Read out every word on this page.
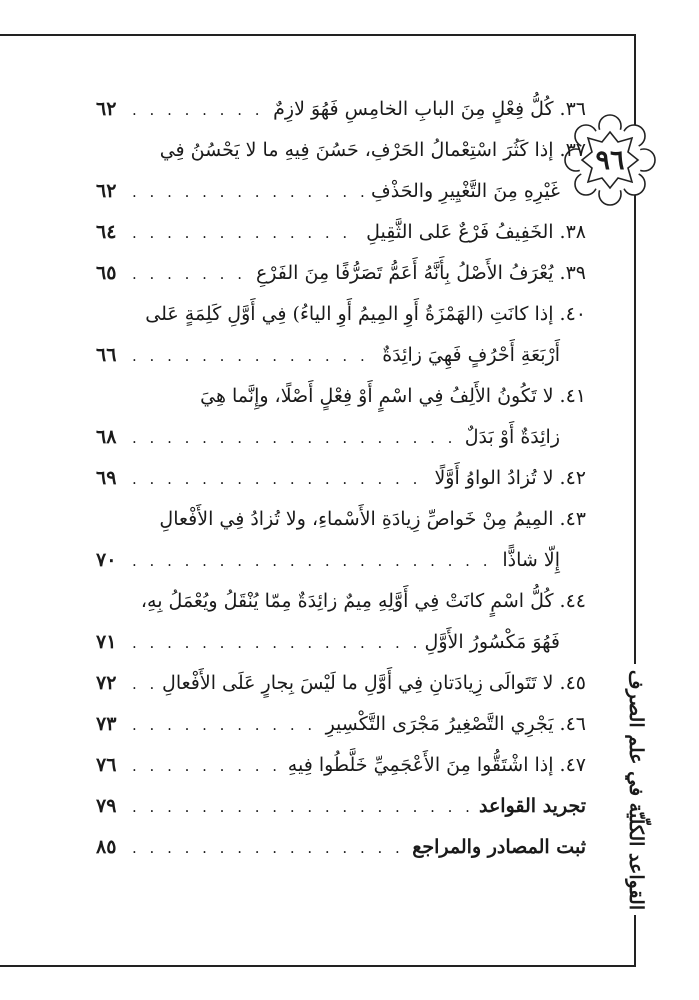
٩٦
القواعد الكلّيّة في علم الصرف
٣٦.
كُلُّ فِعْلٍ مِنَ البابِ الخامِسِ فَهُوَ لازِمٌ
. . .
٦٢
٣٧.
إذا كَثُرَ اسْتِعْمالُ الحَرْفِ، حَسُنَ فِيهِ ما لا يَحْسُنُ فِي
غَيْرِهِ مِنَ التَّغْيِيرِ والحَذْفِ
. . .
٦٢
٣٨.
الخَفِيفُ فَرْعٌ عَلى الثَّقِيلِ
. . .
٦٤
٣٩.
يُعْرَفُ الأَصْلُ بِأَنَّهُ أَعَمُّ تَصَرُّفًا مِنَ الفَرْعِ
. . .
٦٥
٤٠.
إذا كانَتِ (الهَمْزَةُ أَوِ المِيمُ أَوِ الياءُ) فِي أَوَّلِ كَلِمَةٍ عَلى
أَرْبَعَةِ أَحْرُفٍ فَهِيَ زائِدَةٌ
. . .
٦٦
٤١.
لا تَكُونُ الأَلِفُ فِي اسْمٍ أَوْ فِعْلٍ أَصْلًا، وإِنَّما هِيَ
زائِدَةٌ أَوْ بَدَلٌ
. . .
٦٨
٤٢.
لا تُزادُ الواوُ أَوَّلًا
. . .
٦٩
٤٣.
المِيمُ مِنْ خَواصِّ زِيادَةِ الأَسْماءِ، ولا تُزادُ فِي الأَفْعالِ
إِلّا شاذًّا
. . .
٧٠
٤٤.
كُلُّ اسْمٍ كانَتْ فِي أَوَّلِهِ مِيمٌ زائِدَةٌ مِمّا يُنْقَلُ ويُعْمَلُ بِهِ،
فَهُوَ مَكْسُورُ الأَوَّلِ
. . .
٧١
٤٥.
لا تَتَوالَى زِيادَتانِ فِي أَوَّلِ ما لَيْسَ بِجارٍ عَلَى الأَفْعالِ
. . .
٧٢
٤٦.
يَجْرِي التَّصْغِيرُ مَجْرَى التَّكْسِيرِ
. . .
٧٣
٤٧.
إذا اشْتَقُّوا مِنَ الأَعْجَمِيِّ خَلَّطُوا فِيهِ
. . .
٧٦
تجريد القواعد
. . .
٧٩
ثبت المصادر والمراجع
. . .
٨٥
